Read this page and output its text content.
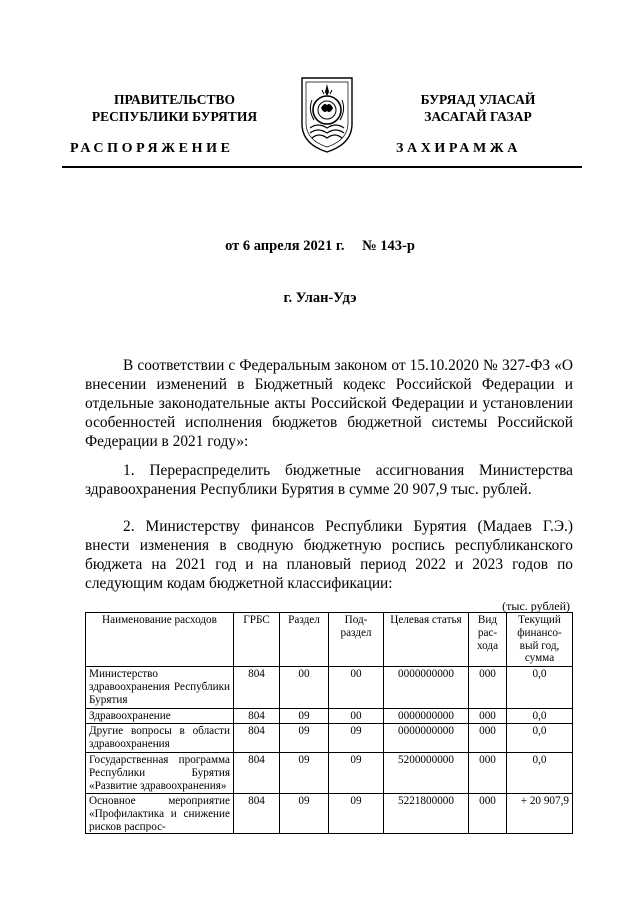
ПРАВИТЕЛЬСТВО
РЕСПУБЛИКИ БУРЯТИЯ
РАСПОРЯЖЕНИЕ
БУРЯАД УЛАСАЙ
ЗАСАГАЙ ГАЗАР
ЗАХИРАМЖА
от 6 апреля 2021 г. № 143-р
г. Улан-Удэ

В соответствии с Федеральным законом от 15.10.2020 № 327-ФЗ «О внесении изменений в Бюджетный кодекс Российской Федерации и отдельные законодательные акты Российской Федерации и установлении особенностей исполнения бюджетов бюджетной системы Российской Федерации в 2021 году»:

1. Перераспределить бюджетные ассигнования Министерства здравоохранения Республики Бурятия в сумме 20 907,9 тыс. рублей.

2. Министерству финансов Республики Бурятия (Мадаев Г.Э.) внести изменения в сводную бюджетную роспись республиканского бюджета на 2021 год и на плановый период 2022 и 2023 годов по следующим кодам бюджетной классификации:

(тыс. рублей)
Наименование расходов	ГРБС	Раздел	Под-раздел	Целевая статья	Вид рас-хода	Текущий финансо-вый год, сумма
Министерство здравоохранения Республики Бурятия	804	00	00	0000000000	000	0,0
Здравоохранение	804	09	00	0000000000	000	0,0
Другие вопросы в области здравоохранения	804	09	09	0000000000	000	0,0
Государственная программа Республики Бурятия «Развитие здравоохранения»	804	09	09	5200000000	000	0,0

Основное мероприятие «Профилактика и снижение рисков распрос-	804	09	09	5221800000	000	+ 20 907,9
